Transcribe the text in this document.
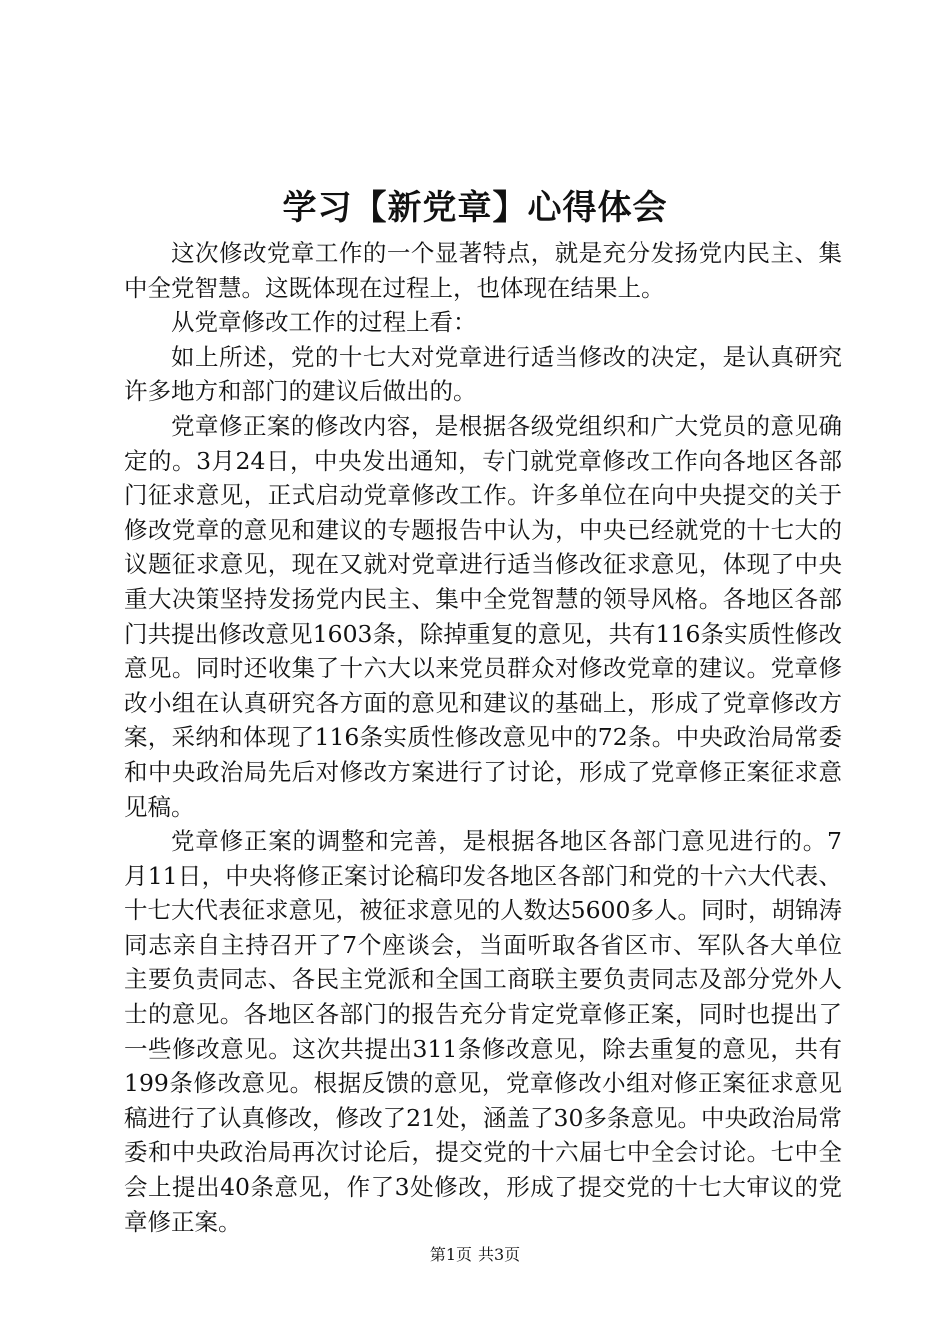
学习【新党章】心得体会

这次修改党章工作的一个显著特点，就是充分发扬党内民主、集中全党智慧。这既体现在过程上，也体现在结果上。

从党章修改工作的过程上看：

如上所述，党的十七大对党章进行适当修改的决定，是认真研究许多地方和部门的建议后做出的。

党章修正案的修改内容，是根据各级党组织和广大党员的意见确定的。3月24日，中央发出通知，专门就党章修改工作向各地区各部门征求意见，正式启动党章修改工作。许多单位在向中央提交的关于修改党章的意见和建议的专题报告中认为，中央已经就党的十七大的议题征求意见，现在又就对党章进行适当修改征求意见，体现了中央重大决策坚持发扬党内民主、集中全党智慧的领导风格。各地区各部门共提出修改意见1603条，除掉重复的意见，共有116条实质性修改意见。同时还收集了十六大以来党员群众对修改党章的建议。党章修改小组在认真研究各方面的意见和建议的基础上，形成了党章修改方案，采纳和体现了116条实质性修改意见中的72条。中央政治局常委和中央政治局先后对修改方案进行了讨论，形成了党章修正案征求意见稿。

党章修正案的调整和完善，是根据各地区各部门意见进行的。7月11日，中央将修正案讨论稿印发各地区各部门和党的十六大代表、十七大代表征求意见，被征求意见的人数达5600多人。同时，胡锦涛同志亲自主持召开了7个座谈会，当面听取各省区市、军队各大单位主要负责同志、各民主党派和全国工商联主要负责同志及部分党外人士的意见。各地区各部门的报告充分肯定党章修正案，同时也提出了一些修改意见。这次共提出311条修改意见，除去重复的意见，共有199条修改意见。根据反馈的意见，党章修改小组对修正案征求意见稿进行了认真修改，修改了21处，涵盖了30多条意见。中央政治局常委和中央政治局再次讨论后，提交党的十六届七中全会讨论。七中全会上提出40条意见，作了3处修改，形成了提交党的十七大审议的党章修正案。

第1页 共3页
